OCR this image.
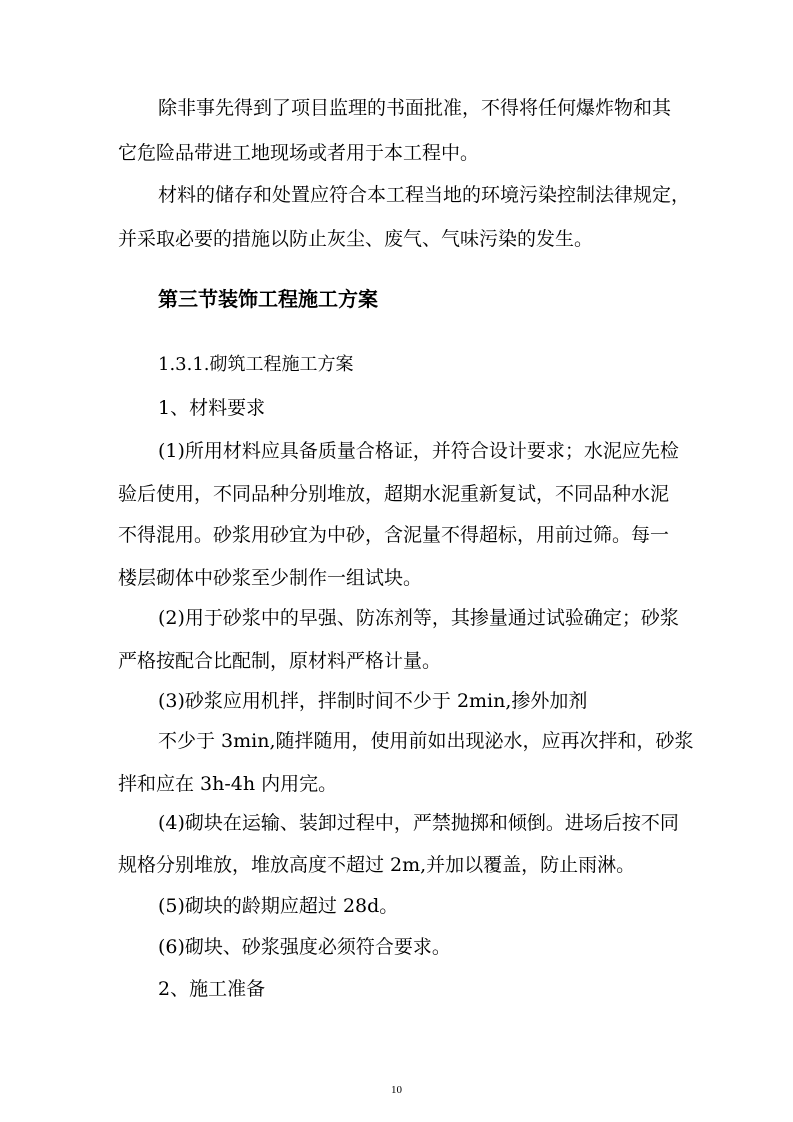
除非事先得到了项目监理的书面批准，不得将任何爆炸物和其
它危险品带进工地现场或者用于本工程中。
材料的储存和处置应符合本工程当地的环境污染控制法律规定，
并采取必要的措施以防止灰尘、废气、气味污染的发生。
第三节装饰工程施工方案
1.3.1.砌筑工程施工方案
1、材料要求
(1)所用材料应具备质量合格证，并符合设计要求；水泥应先检
验后使用，不同品种分别堆放，超期水泥重新复试，不同品种水泥
不得混用。砂浆用砂宜为中砂，含泥量不得超标，用前过筛。每一
楼层砌体中砂浆至少制作一组试块。
(2)用于砂浆中的早强、防冻剂等，其掺量通过试验确定；砂浆
严格按配合比配制，原材料严格计量。
(3)砂浆应用机拌，拌制时间不少于 2min,掺外加剂
不少于 3min,随拌随用，使用前如出现泌水，应再次拌和，砂浆
拌和应在 3h-4h 内用完。
(4)砌块在运输、装卸过程中，严禁抛掷和倾倒。进场后按不同
规格分别堆放，堆放高度不超过 2m,并加以覆盖，防止雨淋。
(5)砌块的龄期应超过 28d。
(6)砌块、砂浆强度必须符合要求。
2、施工准备
10
